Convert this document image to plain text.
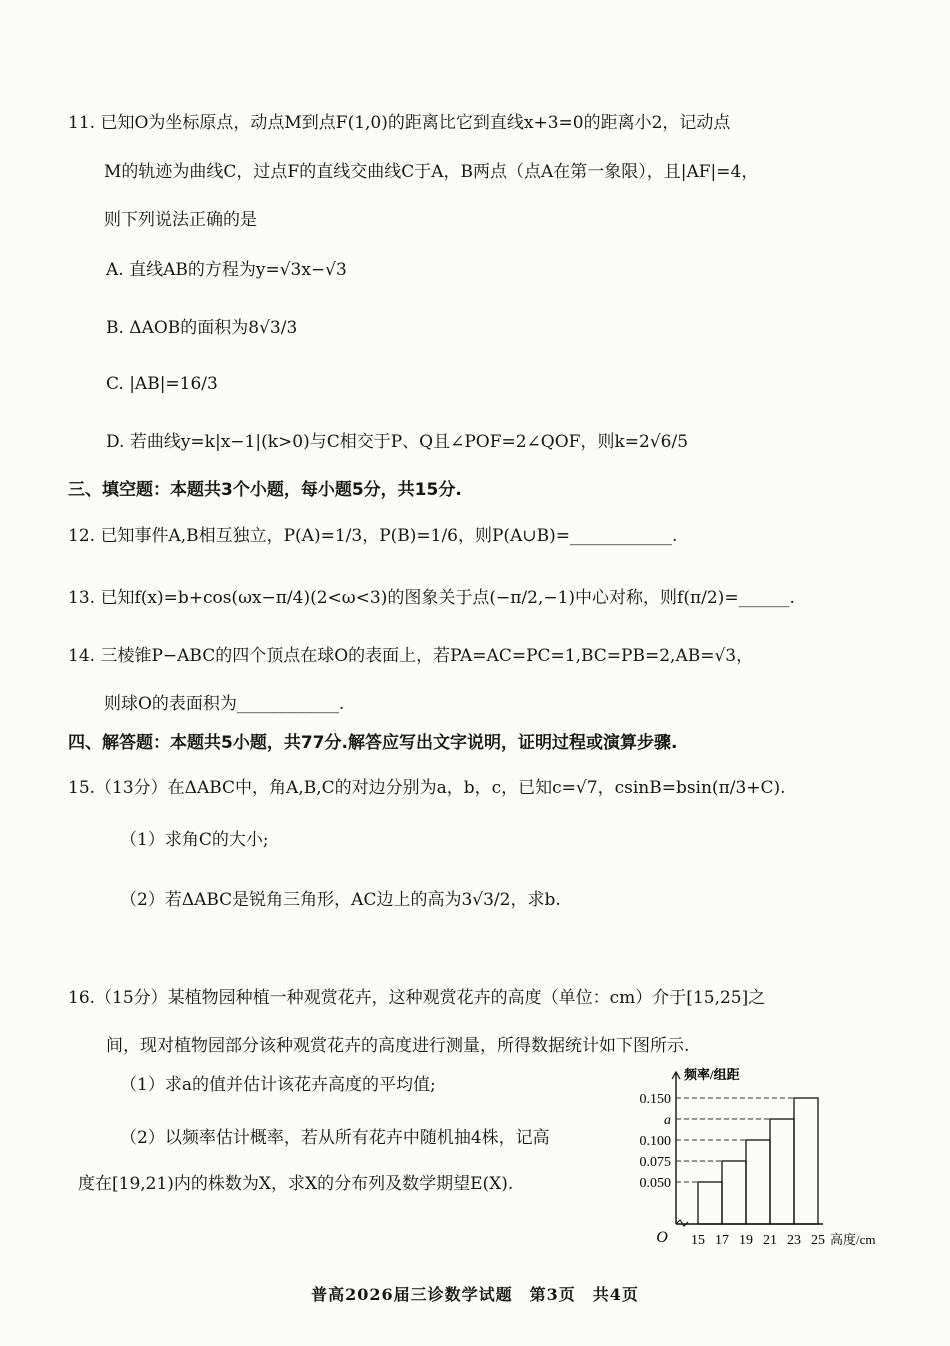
11. 已知O为坐标原点，动点M到点F(1,0)的距离比它到直线x+3=0的距离小2，记动点
M的轨迹为曲线C，过点F的直线交曲线C于A，B两点（点A在第一象限），且|AF|=4，
则下列说法正确的是
A. 直线AB的方程为y=√3x−√3
B. ΔAOB的面积为8√3/3
C. |AB|=16/3
D. 若曲线y=k|x−1|(k>0)与C相交于P、Q且∠POF=2∠QOF，则k=2√6/5
三、填空题：本题共3个小题，每小题5分，共15分.
12. 已知事件A,B相互独立，P(A)=1/3，P(B)=1/6，则P(A∪B)=____________.
13. 已知f(x)=b+cos(ωx−π/4)(2<ω<3)的图象关于点(−π/2,−1)中心对称，则f(π/2)=______.
14. 三棱锥P−ABC的四个顶点在球O的表面上，若PA=AC=PC=1,BC=PB=2,AB=√3，
则球O的表面积为____________.
四、解答题：本题共5小题，共77分.解答应写出文字说明，证明过程或演算步骤.
15.（13分）在ΔABC中，角A,B,C的对边分别为a，b，c，已知c=√7，csinB=bsin(π/3+C).
（1）求角C的大小;
（2）若ΔABC是锐角三角形，AC边上的高为3√3/2，求b.
16.（15分）某植物园种植一种观赏花卉，这种观赏花卉的高度（单位：cm）介于[15,25]之
间，现对植物园部分该种观赏花卉的高度进行测量，所得数据统计如下图所示.
（1）求a的值并估计该花卉高度的平均值;
（2）以频率估计概率，若从所有花卉中随机抽4株，记高
度在[19,21)内的株数为X，求X的分布列及数学期望E(X).	0.050
0.075
0.100
a
0.150
15 17 19 21 23 25
O
频率/组距
高度/cm
普高2026届三诊数学试题　第3页　共4页
